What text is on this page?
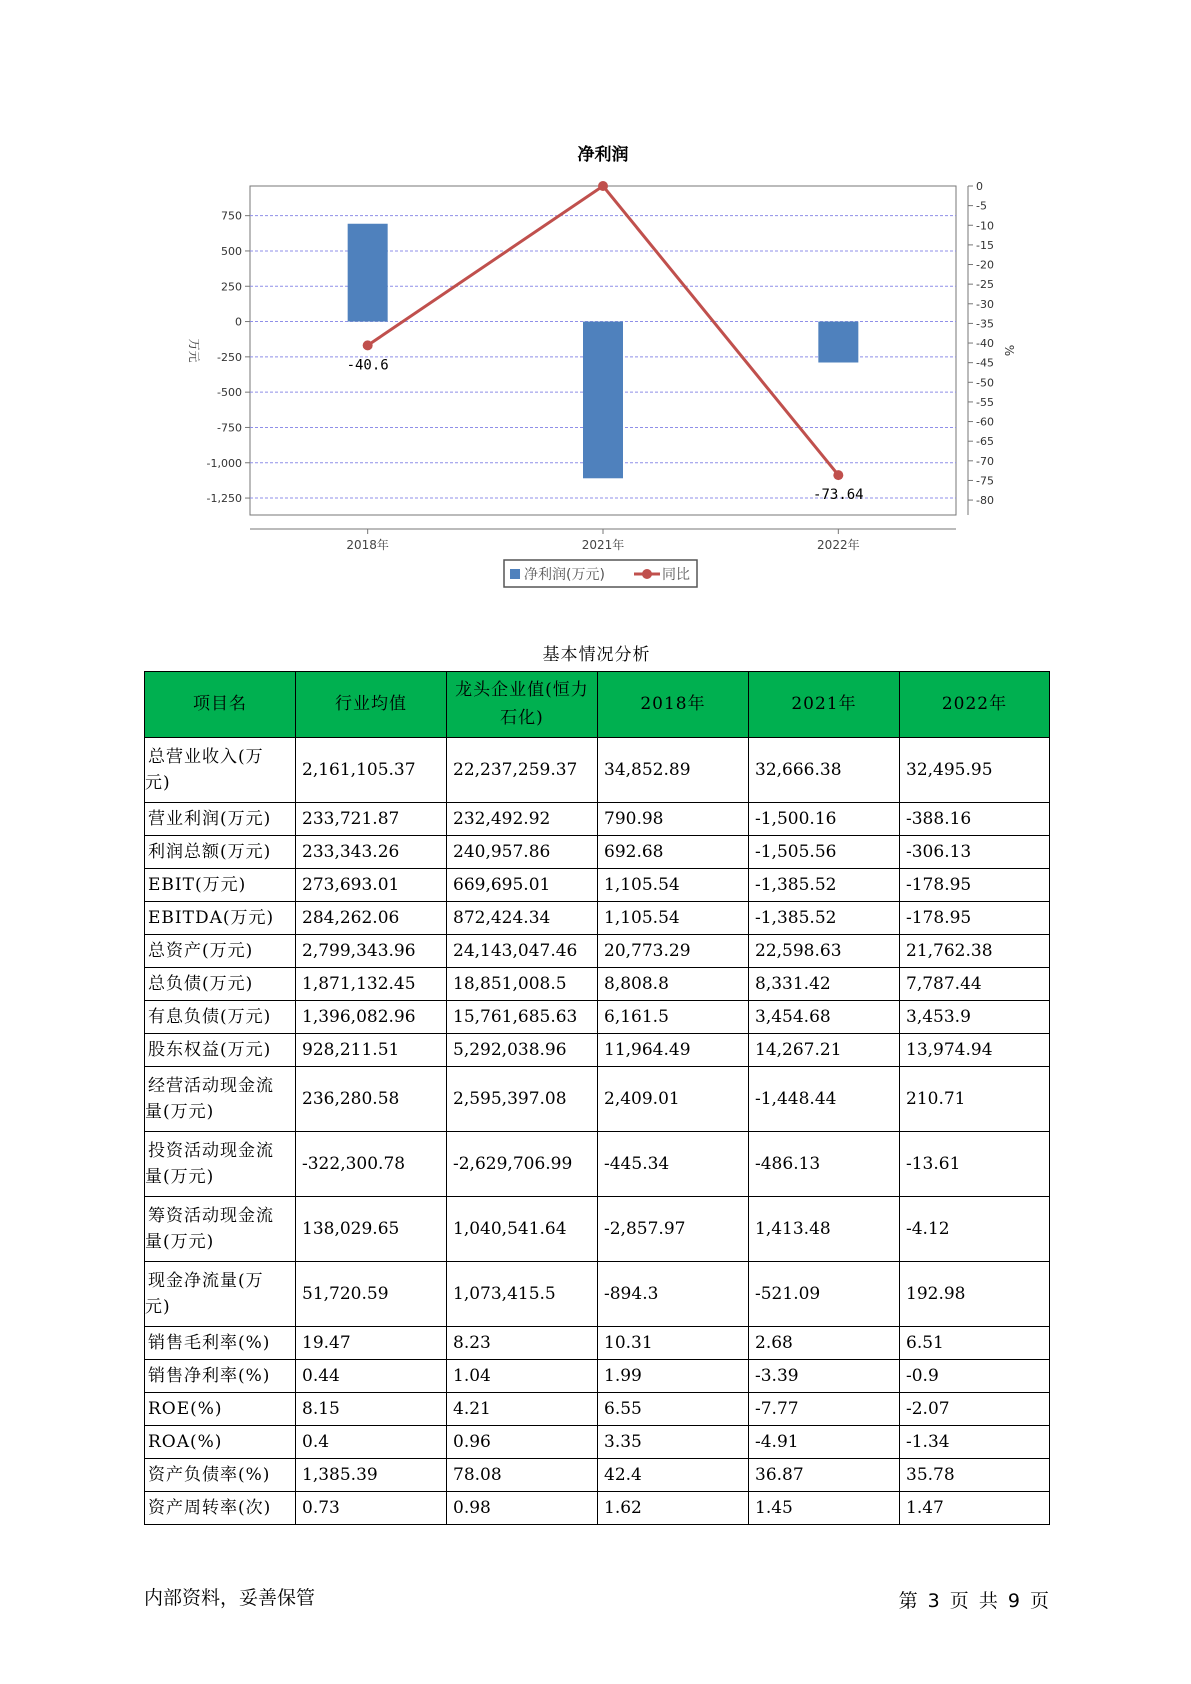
净利润
750
500
250
0
-250
-500
-750
-1,000
-1,250
0
-5
-10
-15
-20
-25
-30
-35
-40
-45
-50
-55
-60
-65
-70
-75
-80
2018年	2021年	2022年
万元	%
-40.6
-73.64
净利润(万元)	同比
基本情况分析
项目名	行业均值	龙头企业值(恒力石化)	2018年	2021年	2022年

总营业收入(万
元)	2,161,105.37	22,237,259.37	34,852.89	32,666.38	32,495.95

营业利润(万元)	233,721.87	232,492.92	790.98	-1,500.16	-388.16

利润总额(万元)	233,343.26	240,957.86	692.68	-1,505.56	-306.13

EBIT(万元)	273,693.01	669,695.01	1,105.54	-1,385.52	-178.95

EBITDA(万元)	284,262.06	872,424.34	1,105.54	-1,385.52	-178.95

总资产(万元)	2,799,343.96	24,143,047.46	20,773.29	22,598.63	21,762.38

总负债(万元)	1,871,132.45	18,851,008.5	8,808.8	8,331.42	7,787.44

有息负债(万元)	1,396,082.96	15,761,685.63	6,161.5	3,454.68	3,453.9

股东权益(万元)	928,211.51	5,292,038.96	11,964.49	14,267.21	13,974.94

经营活动现金流
量(万元)	236,280.58	2,595,397.08	2,409.01	-1,448.44	210.71

投资活动现金流
量(万元)	-322,300.78	-2,629,706.99	-445.34	-486.13	-13.61

筹资活动现金流
量(万元)	138,029.65	1,040,541.64	-2,857.97	1,413.48	-4.12

现金净流量(万
元)	51,720.59	1,073,415.5	-894.3	-521.09	192.98

销售毛利率(%)	19.47	8.23	10.31	2.68	6.51

销售净利率(%)	0.44	1.04	1.99	-3.39	-0.9

ROE(%)	8.15	4.21	6.55	-7.77	-2.07

ROA(%)	0.4	0.96	3.35	-4.91	-1.34

资产负债率(%)	1,385.39	78.08	42.4	36.87	35.78

资产周转率(次)	0.73	0.98	1.62	1.45	1.47
内部资料，妥善保管	第 3 页 共 9 页
